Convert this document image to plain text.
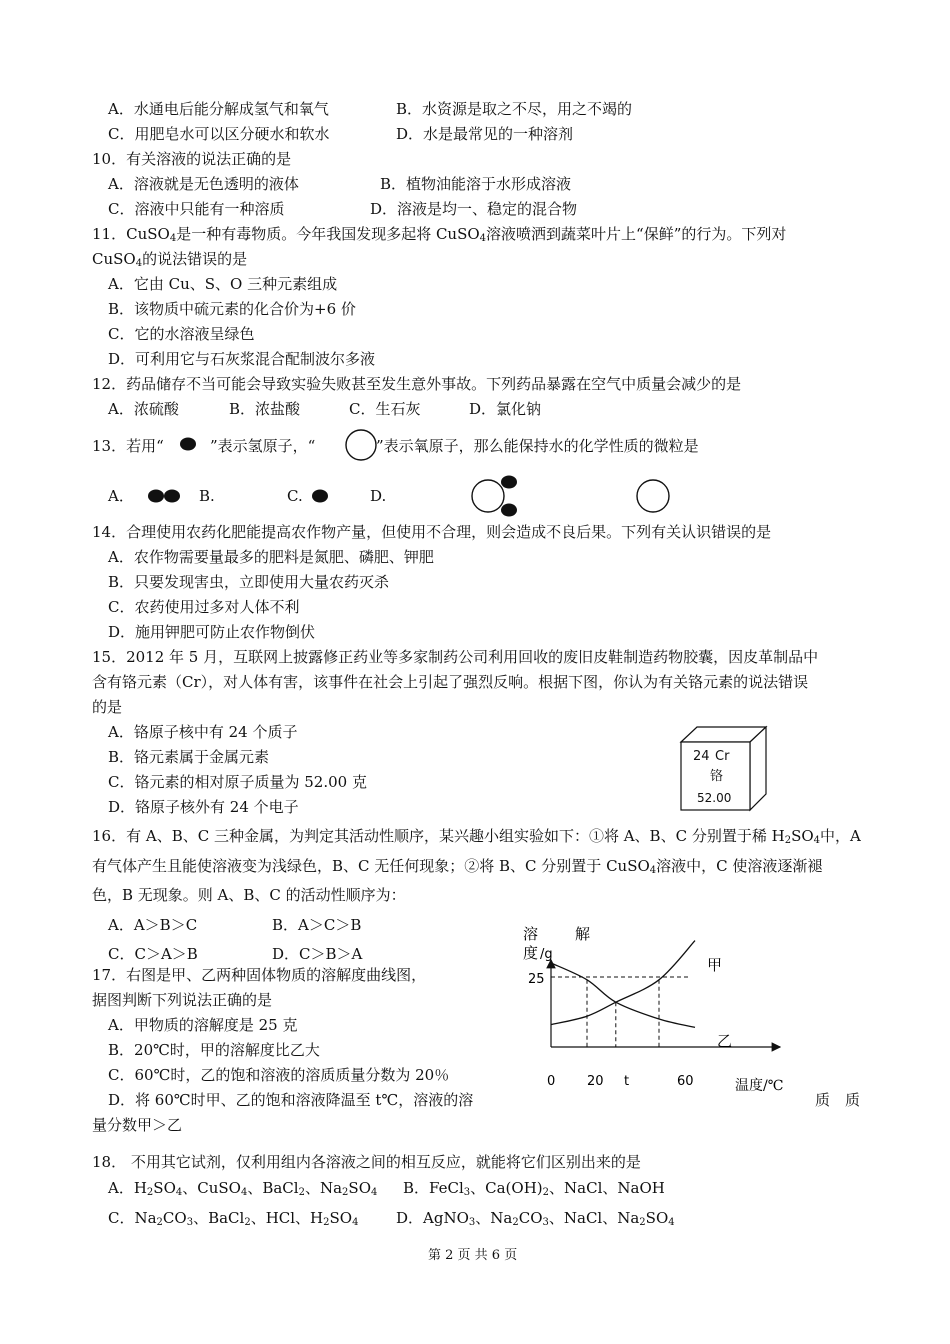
A．水通电后能分解成氢气和氧气	B．水资源是取之不尽，用之不竭的
C．用肥皂水可以区分硬水和软水	D．水是最常见的一种溶剂
10．有关溶液的说法正确的是
A．溶液就是无色透明的液体	B．植物油能溶于水形成溶液
C．溶液中只能有一种溶质	D．溶液是均一、稳定的混合物
11．CuSO$_4$是一种有毒物质。今年我国发现多起将 CuSO$_4$溶液喷洒到蔬菜叶片上“保鲜”的行为。下列对
CuSO$_4$的说法错误的是
A．它由 Cu、S、O 三种元素组成
B．该物质中硫元素的化合价为+6 价
C．它的水溶液呈绿色
D．可利用它与石灰浆混合配制波尔多液
12．药品储存不当可能会导致实验失败甚至发生意外事故。下列药品暴露在空气中质量会减少的是
A．浓硫酸	B．浓盐酸	C．生石灰	D．氯化钠
13．若用“	”表示氢原子，“	”表示氧原子，那么能保持水的化学性质的微粒是
A．	B.	C.	D.
14．合理使用农药化肥能提高农作物产量，但使用不合理，则会造成不良后果。下列有关认识错误的是
A．农作物需要量最多的肥料是氮肥、磷肥、钾肥
B．只要发现害虫，立即使用大量农药灭杀
C．农药使用过多对人体不利
D．施用钾肥可防止农作物倒伏
15．2012 年 5 月，互联网上披露修正药业等多家制药公司利用回收的废旧皮鞋制造药物胶囊，因皮革制品中
含有铬元素（Cr），对人体有害，该事件在社会上引起了强烈反响。根据下图，你认为有关铬元素的说法错误
的是
A．铬原子核中有 24 个质子
B．铬元素属于金属元素
C．铬元素的相对原子质量为 52.00 克
D．铬原子核外有 24 个电子
24 Cr
铬
52.00
16．有 A、B、C 三种金属，为判定其活动性顺序，某兴趣小组实验如下：①将 A、B、C 分别置于稀 $H_2SO_4$中，A
有气体产生且能使溶液变为浅绿色，B、C 无任何现象；②将 B、C 分别置于 CuSO$_4$溶液中，C 使溶液逐渐褪
色，B 无现象。则 A、B、C 的活动性顺序为：
A．A＞B＞C	B．A＞C＞B
C．C＞A＞B	D．C＞B＞A
17．右图是甲、乙两种固体物质的溶解度曲线图，
据图判断下列说法正确的是
A．甲物质的溶解度是 25 克
B．20℃时，甲的溶解度比乙大
C．60℃时，乙的饱和溶液的溶质质量分数为 20％
D．将 60℃时甲、乙的饱和溶液降温至 t℃，溶液的溶	质　质
量分数甲＞乙
溶 解
度 /g
25
0 20 t	60	温度/℃
甲
乙
18． 不用其它试剂，仅利用组内各溶液之间的相互反应，就能将它们区别出来的是
A．$H_2SO_4$、CuSO$_4$、BaCl$_2$、$Na_2SO_4$ B．FeCl$_3$、$Ca(OH)_2$、NaCl、NaOH
C．$Na_2CO_3$、BaCl$_2$、HCl、$H_2SO_4$	D．AgNO$_3$、$Na_2CO_3$、NaCl、$Na_2SO_4$
第 2 页 共 6 页
